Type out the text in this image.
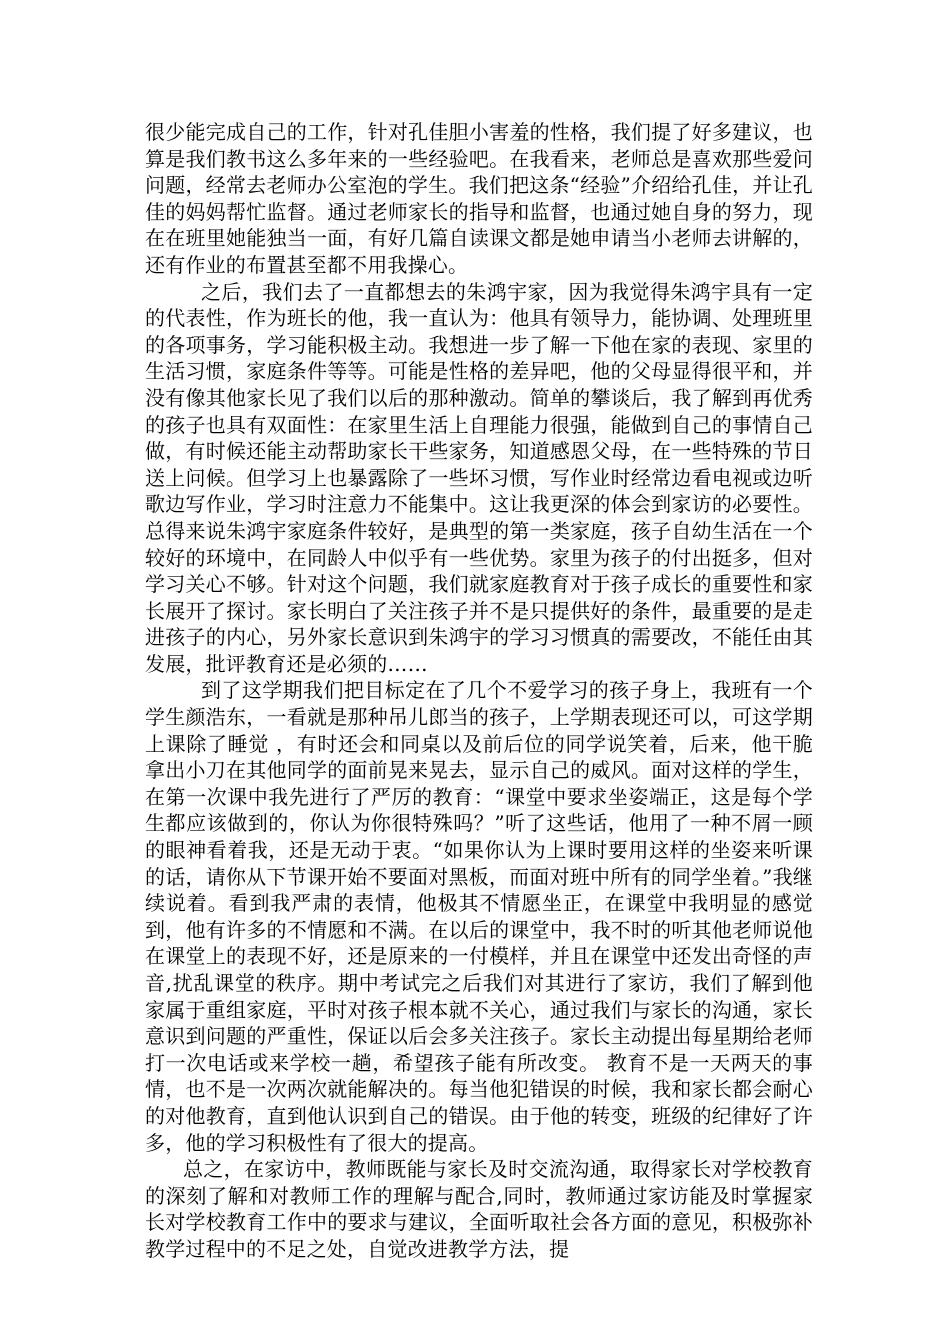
很少能完成自己的工作，针对孔佳胆小害羞的性格，我们提了好多建议，也算是我们教书这么多年来的一些经验吧。在我看来，老师总是喜欢那些爱问问题，经常去老师办公室泡的学生。我们把这条“经验”介绍给孔佳，并让孔佳的妈妈帮忙监督。通过老师家长的指导和监督，也通过她自身的努力，现在在班里她能独当一面，有好几篇自读课文都是她申请当小老师去讲解的，还有作业的布置甚至都不用我操心。

之后，我们去了一直都想去的朱鸿宇家，因为我觉得朱鸿宇具有一定的代表性，作为班长的他，我一直认为：他具有领导力，能协调、处理班里的各项事务，学习能积极主动。我想进一步了解一下他在家的表现、家里的生活习惯，家庭条件等等。可能是性格的差异吧，他的父母显得很平和，并没有像其他家长见了我们以后的那种激动。简单的攀谈后，我了解到再优秀的孩子也具有双面性：在家里生活上自理能力很强，能做到自己的事情自己做，有时候还能主动帮助家长干些家务，知道感恩父母，在一些特殊的节日送上问候。但学习上也暴露除了一些坏习惯，写作业时经常边看电视或边听歌边写作业，学习时注意力不能集中。这让我更深的体会到家访的必要性。总得来说朱鸿宇家庭条件较好，是典型的第一类家庭，孩子自幼生活在一个较好的环境中，在同龄人中似乎有一些优势。家里为孩子的付出挺多，但对学习关心不够。针对这个问题，我们就家庭教育对于孩子成长的重要性和家长展开了探讨。家长明白了关注孩子并不是只提供好的条件，最重要的是走进孩子的内心，另外家长意识到朱鸿宇的学习习惯真的需要改，不能任由其发展，批评教育还是必须的……

到了这学期我们把目标定在了几个不爱学习的孩子身上，我班有一个学生颜浩东，一看就是那种吊儿郎当的孩子，上学期表现还可以，可这学期上课除了睡觉 ，有时还会和同桌以及前后位的同学说笑着，后来，他干脆拿出小刀在其他同学的面前晃来晃去，显示自己的威风。面对这样的学生，在第一次课中我先进行了严厉的教育：“课堂中要求坐姿端正，这是每个学生都应该做到的，你认为你很特殊吗？”听了这些话，他用了一种不屑一顾的眼神看着我，还是无动于衷。“如果你认为上课时要用这样的坐姿来听课的话，请你从下节课开始不要面对黑板，而面对班中所有的同学坐着。”我继续说着。看到我严肃的表情，他极其不情愿坐正，在课堂中我明显的感觉到，他有许多的不情愿和不满。在以后的课堂中，我不时的听其他老师说他在课堂上的表现不好，还是原来的一付模样，并且在课堂中还发出奇怪的声音,扰乱课堂的秩序。期中考试完之后我们对其进行了家访，我们了解到他家属于重组家庭，平时对孩子根本就不关心，通过我们与家长的沟通，家长意识到问题的严重性，保证以后会多关注孩子。家长主动提出每星期给老师打一次电话或来学校一趟，希望孩子能有所改变。 教育不是一天两天的事情，也不是一次两次就能解决的。每当他犯错误的时候，我和家长都会耐心的对他教育，直到他认识到自己的错误。由于他的转变，班级的纪律好了许多，他的学习积极性有了很大的提高。

总之，在家访中，教师既能与家长及时交流沟通，取得家长对学校教育的深刻了解和对教师工作的理解与配合,同时，教师通过家访能及时掌握家长对学校教育工作中的要求与建议，全面听取社会各方面的意见，积极弥补教学过程中的不足之处，自觉改进教学方法，提
